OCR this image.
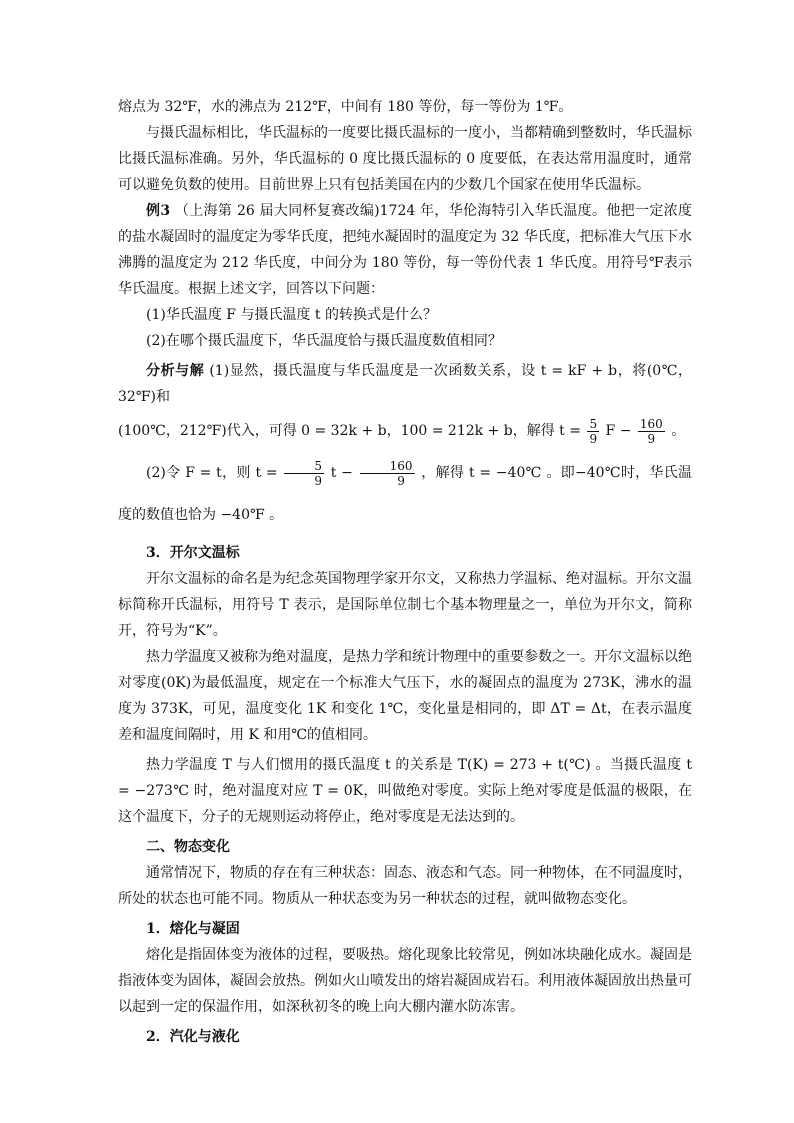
熔点为 32℉，水的沸点为 212℉，中间有 180 等份，每一等份为 1℉。

与摄氏温标相比，华氏温标的一度要比摄氏温标的一度小，当都精确到整数时，华氏温标比摄氏温标准确。另外，华氏温标的 0 度比摄氏温标的 0 度要低，在表达常用温度时，通常可以避免负数的使用。目前世界上只有包括美国在内的少数几个国家在使用华氏温标。

例3 （上海第 26 届大同杯复赛改编)1724 年，华伦海特引入华氏温度。他把一定浓度的盐水凝固时的温度定为零华氏度，把纯水凝固时的温度定为 32 华氏度，把标准大气压下水沸腾的温度定为 212 华氏度，中间分为 180 等份，每一等份代表 1 华氏度。用符号℉表示华氏温度。根据上述文字，回答以下问题：

(1)华氏温度 F 与摄氏温度 t 的转换式是什么？

(2)在哪个摄氏温度下，华氏温度恰与摄氏温度数值相同？

分析与解 (1)显然，摄氏温度与华氏温度是一次函数关系，设 t = kF + b，将(0℃，32℉)和

(100℃，212℉)代入，可得 0 = 32k + b，100 = 212k + b，解得 $t = \frac{5}{9}$ $F - \frac{160}{9}$ 。

(2)令 F = t，则 $t = \frac{5}{9}$ $t - \frac{160}{9}$ ，解得 t = −40℃ 。即−40℃时，华氏温度的数值也恰为 −40℉ 。

3．开尔文温标

开尔文温标的命名是为纪念英国物理学家开尔文，又称热力学温标、绝对温标。开尔文温标简称开氏温标，用符号 T 表示，是国际单位制七个基本物理量之一，单位为开尔文，简称开，符号为“K”。

热力学温度又被称为绝对温度，是热力学和统计物理中的重要参数之一。开尔文温标以绝对零度(0K)为最低温度，规定在一个标准大气压下，水的凝固点的温度为 273K，沸水的温度为 373K，可见，温度变化 1K 和变化 1℃，变化量是相同的，即 ΔT = Δt，在表示温度差和温度间隔时，用 K 和用℃的值相同。

热力学温度 T 与人们惯用的摄氏温度 t 的关系是 T(K) = 273 + t(℃) 。当摄氏温度 t = −273℃ 时，绝对温度对应 T = 0K，叫做绝对零度。实际上绝对零度是低温的极限，在这个温度下，分子的无规则运动将停止，绝对零度是无法达到的。

二、物态变化

通常情况下，物质的存在有三种状态：固态、液态和气态。同一种物体，在不同温度时，所处的状态也可能不同。物质从一种状态变为另一种状态的过程，就叫做物态变化。

1．熔化与凝固

熔化是指固体变为液体的过程，要吸热。熔化现象比较常见，例如冰块融化成水。凝固是指液体变为固体，凝固会放热。例如火山喷发出的熔岩凝固成岩石。利用液体凝固放出热量可以起到一定的保温作用，如深秋初冬的晚上向大棚内灌水防冻害。

2．汽化与液化
